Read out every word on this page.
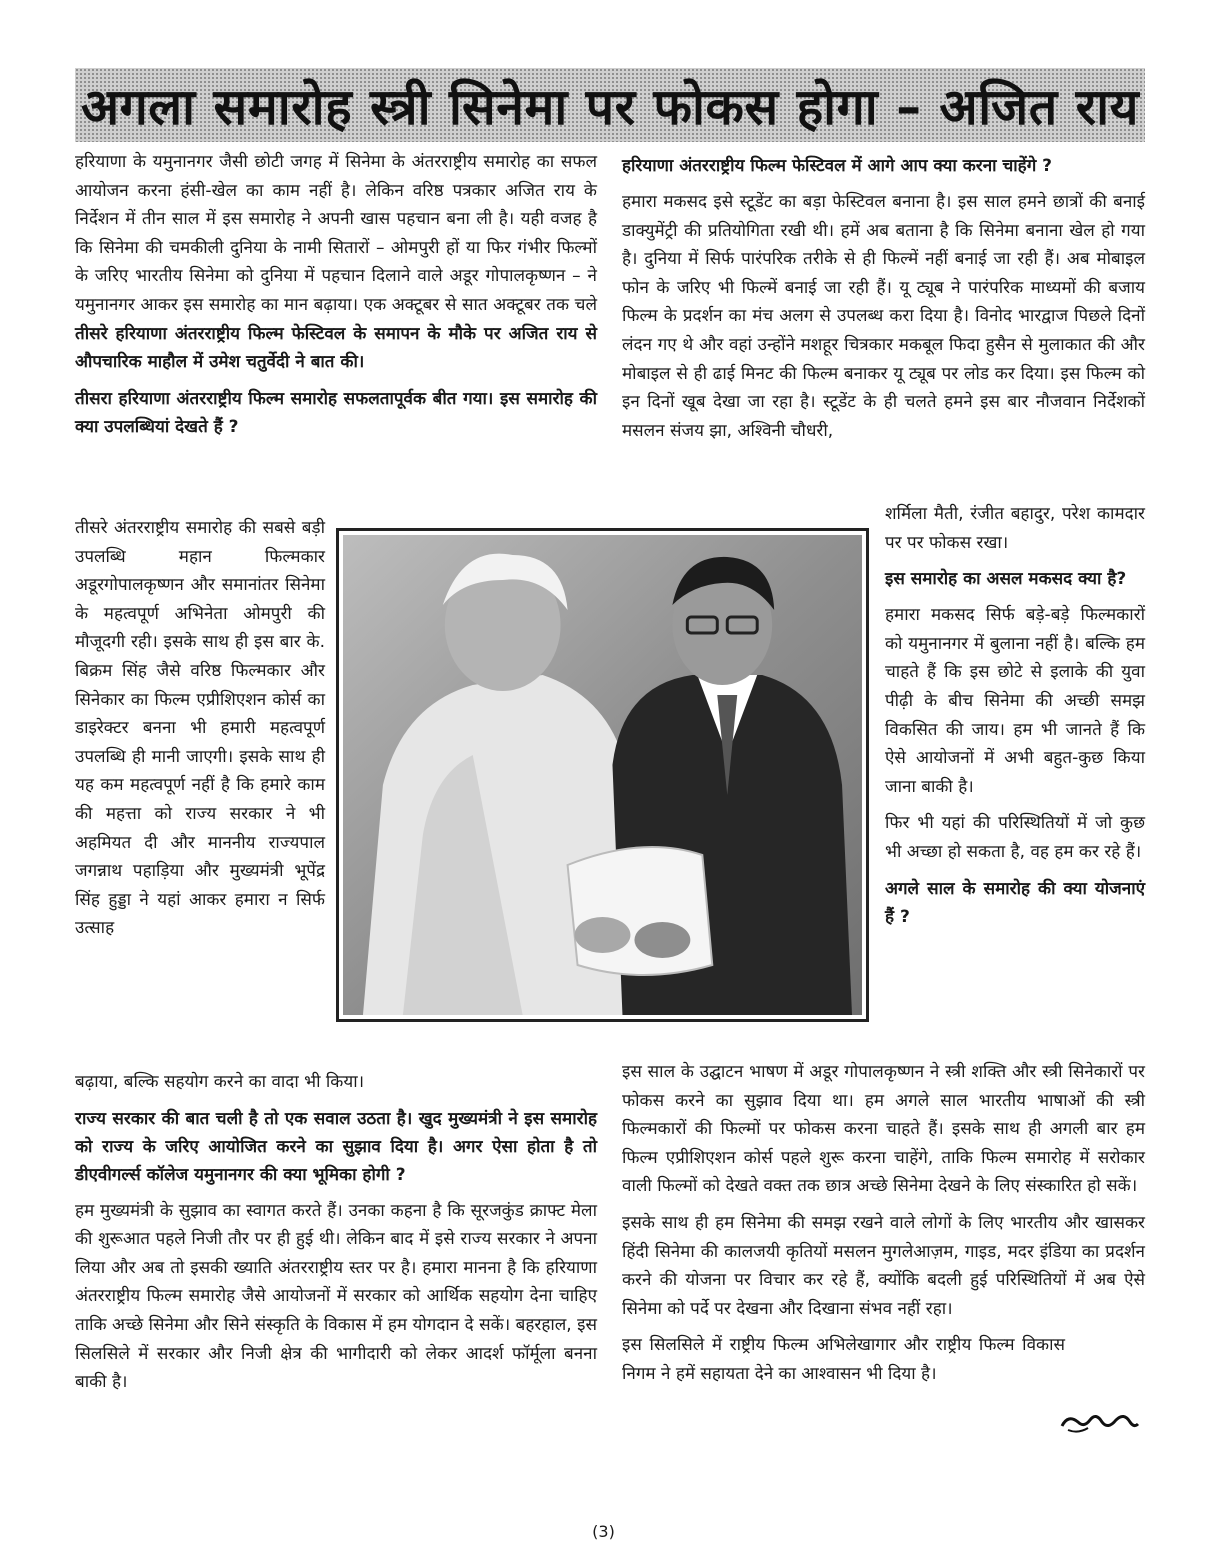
अगला समारोह स्त्री सिनेमा पर फोकस होगा – अजित राय

हरियाणा के यमुनानगर जैसी छोटी जगह में सिनेमा के अंतरराष्ट्रीय समारोह का सफल आयोजन करना हंसी-खेल का काम नहीं है। लेकिन वरिष्ठ पत्रकार अजित राय के निर्देशन में तीन साल में इस समारोह ने अपनी खास पहचान बना ली है। यही वजह है कि सिनेमा की चमकीली दुनिया के नामी सितारों – ओमपुरी हों या फिर गंभीर फिल्मों के जरिए भारतीय सिनेमा को दुनिया में पहचान दिलाने वाले अडूर गोपालकृष्णन – ने यमुनानगर आकर इस समारोह का मान बढ़ाया। एक अक्टूबर से सात अक्टूबर तक चले तीसरे हरियाणा अंतरराष्ट्रीय फिल्म फेस्टिवल के समापन के मौके पर अजित राय से औपचारिक माहौल में उमेश चतुर्वेदी ने बात की।

तीसरा हरियाणा अंतरराष्ट्रीय फिल्म समारोह सफलतापूर्वक बीत गया। इस समारोह की क्या उपलब्धियां देखते हैं ?

तीसरे अंतरराष्ट्रीय समारोह की सबसे बड़ी उपलब्धि महान फिल्मकार अडूरगोपालकृष्णन और समानांतर सिनेमा के महत्वपूर्ण अभिनेता ओमपुरी की मौजूदगी रही। इसके साथ ही इस बार के. बिक्रम सिंह जैसे वरिष्ठ फिल्मकार और सिनेकार का फिल्म एप्रीशिएशन कोर्स का डाइरेक्टर बनना भी हमारी महत्वपूर्ण उपलब्धि ही मानी जाएगी। इसके साथ ही यह कम महत्वपूर्ण नहीं है कि हमारे काम की महत्ता को राज्य सरकार ने भी अहमियत दी और माननीय राज्यपाल जगन्नाथ पहाड़िया और मुख्यमंत्री भूपेंद्र सिंह हुड्डा ने यहां आकर हमारा न सिर्फ उत्साह

बढ़ाया, बल्कि सहयोग करने का वादा भी किया।

राज्य सरकार की बात चली है तो एक सवाल उठता है। खुद मुख्यमंत्री ने इस समारोह को राज्य के जरिए आयोजित करने का सुझाव दिया है। अगर ऐसा होता है तो डीएवीगर्ल्स कॉलेज यमुनानगर की क्या भूमिका होगी ?

हम मुख्यमंत्री के सुझाव का स्वागत करते हैं। उनका कहना है कि सूरजकुंड क्राफ्ट मेला की शुरूआत पहले निजी तौर पर ही हुई थी। लेकिन बाद में इसे राज्य सरकार ने अपना लिया और अब तो इसकी ख्याति अंतरराष्ट्रीय स्तर पर है। हमारा मानना है कि हरियाणा अंतरराष्ट्रीय फिल्म समारोह जैसे आयोजनों में सरकार को आर्थिक सहयोग देना चाहिए ताकि अच्छे सिनेमा और सिने संस्कृति के विकास में हम योगदान दे सकें। बहरहाल, इस सिलसिले में सरकार और निजी क्षेत्र की भागीदारी को लेकर आदर्श फॉर्मूला बनना बाकी है।

हरियाणा अंतरराष्ट्रीय फिल्म फेस्टिवल में आगे आप क्या करना चाहेंगे ?

हमारा मकसद इसे स्टूडेंट का बड़ा फेस्टिवल बनाना है। इस साल हमने छात्रों की बनाई डाक्युमेंट्री की प्रतियोगिता रखी थी। हमें अब बताना है कि सिनेमा बनाना खेल हो गया है। दुनिया में सिर्फ पारंपरिक तरीके से ही फिल्में नहीं बनाई जा रही हैं। अब मोबाइल फोन के जरिए भी फिल्में बनाई जा रही हैं। यू ट्यूब ने पारंपरिक माध्यमों की बजाय फिल्म के प्रदर्शन का मंच अलग से उपलब्ध करा दिया है। विनोद भारद्वाज पिछले दिनों लंदन गए थे और वहां उन्होंने मशहूर चित्रकार मकबूल फिदा हुसैन से मुलाकात की और मोबाइल से ही ढाई मिनट की फिल्म बनाकर यू ट्यूब पर लोड कर दिया। इस फिल्म को इन दिनों खूब देखा जा रहा है। स्टूडेंट के ही चलते हमने इस बार नौजवान निर्देशकों मसलन संजय झा, अश्विनी चौधरी,

शर्मिला मैती, रंजीत बहादुर, परेश कामदार पर पर फोकस रखा।

इस समारोह का असल मकसद क्या है?

हमारा मकसद सिर्फ बड़े-बड़े फिल्मकारों को यमुनानगर में बुलाना नहीं है। बल्कि हम चाहते हैं कि इस छोटे से इलाके की युवा पीढ़ी के बीच सिनेमा की अच्छी समझ विकसित की जाय। हम भी जानते हैं कि ऐसे आयोजनों में अभी बहुत-कुछ किया जाना बाकी है।

फिर भी यहां की परिस्थितियों में जो कुछ भी अच्छा हो सकता है, वह हम कर रहे हैं।

अगले साल के समारोह की क्या योजनाएं हैं ?

इस साल के उद्घाटन भाषण में अडूर गोपालकृष्णन ने स्त्री शक्ति और स्त्री सिनेकारों पर फोकस करने का सुझाव दिया था। हम अगले साल भारतीय भाषाओं की स्त्री फिल्मकारों की फिल्मों पर फोकस करना चाहते हैं। इसके साथ ही अगली बार हम फिल्म एप्रीशिएशन कोर्स पहले शुरू करना चाहेंगे, ताकि फिल्म समारोह में सरोकार वाली फिल्मों को देखते वक्त तक छात्र अच्छे सिनेमा देखने के लिए संस्कारित हो सकें।

इसके साथ ही हम सिनेमा की समझ रखने वाले लोगों के लिए भारतीय और खासकर हिंदी सिनेमा की कालजयी कृतियों मसलन मुगलेआज़म, गाइड, मदर इंडिया का प्रदर्शन करने की योजना पर विचार कर रहे हैं, क्योंकि बदली हुई परिस्थितियों में अब ऐसे सिनेमा को पर्दे पर देखना और दिखाना संभव नहीं रहा।

इस सिलसिले में राष्ट्रीय फिल्म अभिलेखागार और राष्ट्रीय फिल्म विकास निगम ने हमें सहायता देने का आश्वासन भी दिया है।

(3)
